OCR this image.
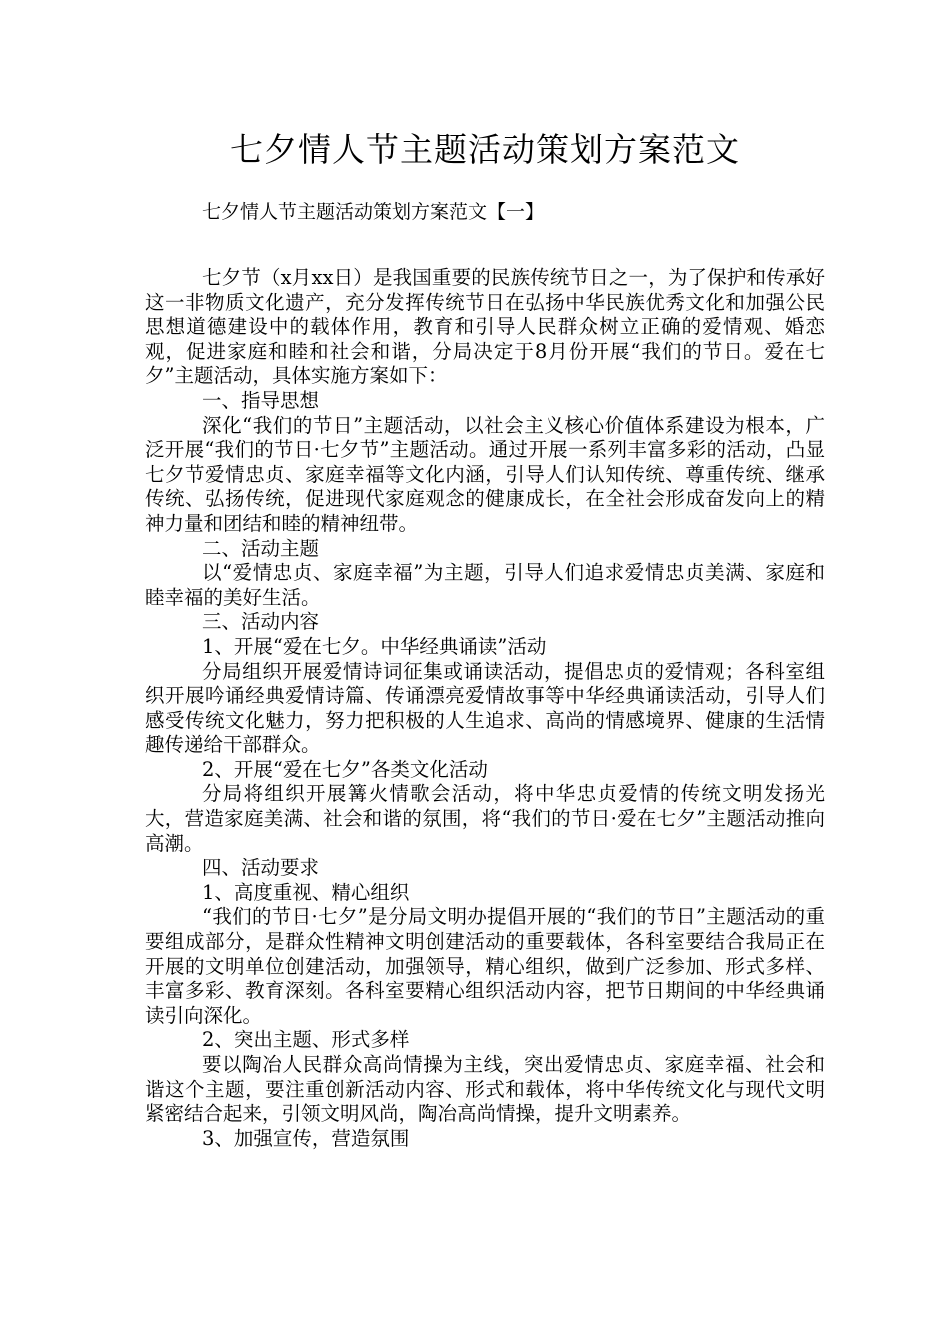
七夕情人节主题活动策划方案范文
七夕情人节主题活动策划方案范文【一】

七夕节（x月xx日）是我国重要的民族传统节日之一，为了保护和传承好这一非物质文化遗产，充分发挥传统节日在弘扬中华民族优秀文化和加强公民思想道德建设中的载体作用，教育和引导人民群众树立正确的爱情观、婚恋观，促进家庭和睦和社会和谐，分局决定于8月份开展“我们的节日。爱在七夕”主题活动，具体实施方案如下：

一、指导思想

深化“我们的节日”主题活动，以社会主义核心价值体系建设为根本，广泛开展“我们的节日·七夕节”主题活动。通过开展一系列丰富多彩的活动，凸显七夕节爱情忠贞、家庭幸福等文化内涵，引导人们认知传统、尊重传统、继承传统、弘扬传统，促进现代家庭观念的健康成长，在全社会形成奋发向上的精神力量和团结和睦的精神纽带。

二、活动主题

以“爱情忠贞、家庭幸福”为主题，引导人们追求爱情忠贞美满、家庭和睦幸福的美好生活。

三、活动内容

1、开展“爱在七夕。中华经典诵读”活动

分局组织开展爱情诗词征集或诵读活动，提倡忠贞的爱情观；各科室组织开展吟诵经典爱情诗篇、传诵漂亮爱情故事等中华经典诵读活动，引导人们感受传统文化魅力，努力把积极的人生追求、高尚的情感境界、健康的生活情趣传递给干部群众。

2、开展“爱在七夕”各类文化活动

分局将组织开展篝火情歌会活动，将中华忠贞爱情的传统文明发扬光大，营造家庭美满、社会和谐的氛围，将“我们的节日·爱在七夕”主题活动推向高潮。

四、活动要求

1、高度重视、精心组织

“我们的节日·七夕”是分局文明办提倡开展的“我们的节日”主题活动的重要组成部分，是群众性精神文明创建活动的重要载体，各科室要结合我局正在开展的文明单位创建活动，加强领导，精心组织，做到广泛参加、形式多样、丰富多彩、教育深刻。各科室要精心组织活动内容，把节日期间的中华经典诵读引向深化。

2、突出主题、形式多样

要以陶冶人民群众高尚情操为主线，突出爱情忠贞、家庭幸福、社会和谐这个主题，要注重创新活动内容、形式和载体，将中华传统文化与现代文明紧密结合起来，引领文明风尚，陶冶高尚情操，提升文明素养。

3、加强宣传，营造氛围
